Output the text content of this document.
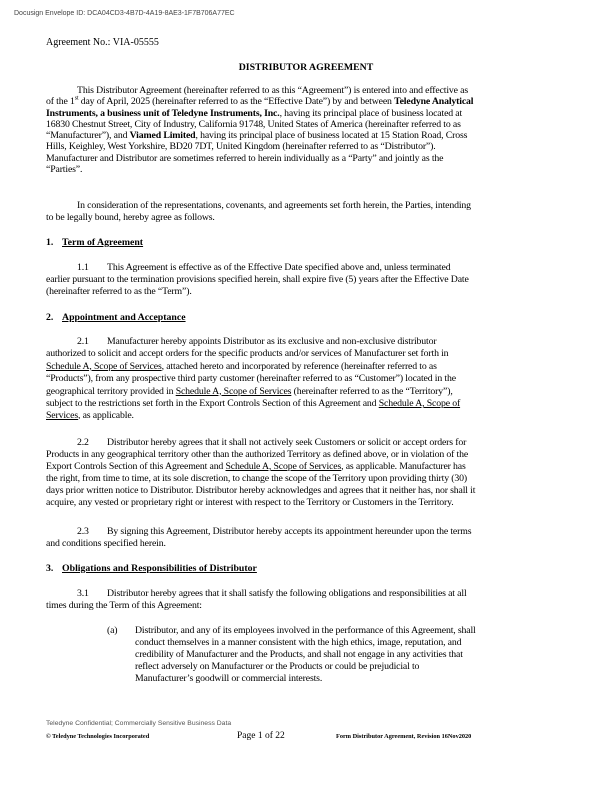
Docusign Envelope ID: DCA04CD3-4B7D-4A19-8AE3-1F7B706A77EC
Agreement No.: VIA-05555
DISTRIBUTOR AGREEMENT
This Distributor Agreement (hereinafter referred to as this “Agreement”) is entered into and effective as
of the 1st day of April, 2025 (hereinafter referred to as the “Effective Date”) by and between Teledyne Analytical
Instruments, a business unit of Teledyne Instruments, Inc., having its principal place of business located at
16830 Chestnut Street, City of Industry, California 91748, United States of America (hereinafter referred to as
“Manufacturer”), and Viamed Limited, having its principal place of business located at 15 Station Road, Cross
Hills, Keighley, West Yorkshire, BD20 7DT, United Kingdom (hereinafter referred to as “Distributor”).
Manufacturer and Distributor are sometimes referred to herein individually as a “Party” and jointly as the
“Parties”.
In consideration of the representations, covenants, and agreements set forth herein, the Parties, intending
to be legally bound, hereby agree as follows.
1. Term of Agreement
1.1 This Agreement is effective as of the Effective Date specified above and, unless terminated
earlier pursuant to the termination provisions specified herein, shall expire five (5) years after the Effective Date
(hereinafter referred to as the “Term”).
2. Appointment and Acceptance
2.1 Manufacturer hereby appoints Distributor as its exclusive and non-exclusive distributor
authorized to solicit and accept orders for the specific products and/or services of Manufacturer set forth in
Schedule A, Scope of Services, attached hereto and incorporated by reference (hereinafter referred to as
“Products”), from any prospective third party customer (hereinafter referred to as “Customer”) located in the
geographical territory provided in Schedule A, Scope of Services (hereinafter referred to as the “Territory”),
subject to the restrictions set forth in the Export Controls Section of this Agreement and Schedule A, Scope of
Services, as applicable.
2.2 Distributor hereby agrees that it shall not actively seek Customers or solicit or accept orders for
Products in any geographical territory other than the authorized Territory as defined above, or in violation of the
Export Controls Section of this Agreement and Schedule A, Scope of Services, as applicable. Manufacturer has
the right, from time to time, at its sole discretion, to change the scope of the Territory upon providing thirty (30)
days prior written notice to Distributor. Distributor hereby acknowledges and agrees that it neither has, nor shall it
acquire, any vested or proprietary right or interest with respect to the Territory or Customers in the Territory.
2.3 By signing this Agreement, Distributor hereby accepts its appointment hereunder upon the terms
and conditions specified herein.
3. Obligations and Responsibilities of Distributor
3.1 Distributor hereby agrees that it shall satisfy the following obligations and responsibilities at all
times during the Term of this Agreement:
(a) Distributor, and any of its employees involved in the performance of this Agreement, shall
conduct themselves in a manner consistent with the high ethics, image, reputation, and
credibility of Manufacturer and the Products, and shall not engage in any activities that
reflect adversely on Manufacturer or the Products or could be prejudicial to
Manufacturer’s goodwill or commercial interests.
Teledyne Confidential; Commercially Sensitive Business Data
© Teledyne Technologies Incorporated	Page 1 of 22	Form Distributor Agreement, Revision 16Nov2020
